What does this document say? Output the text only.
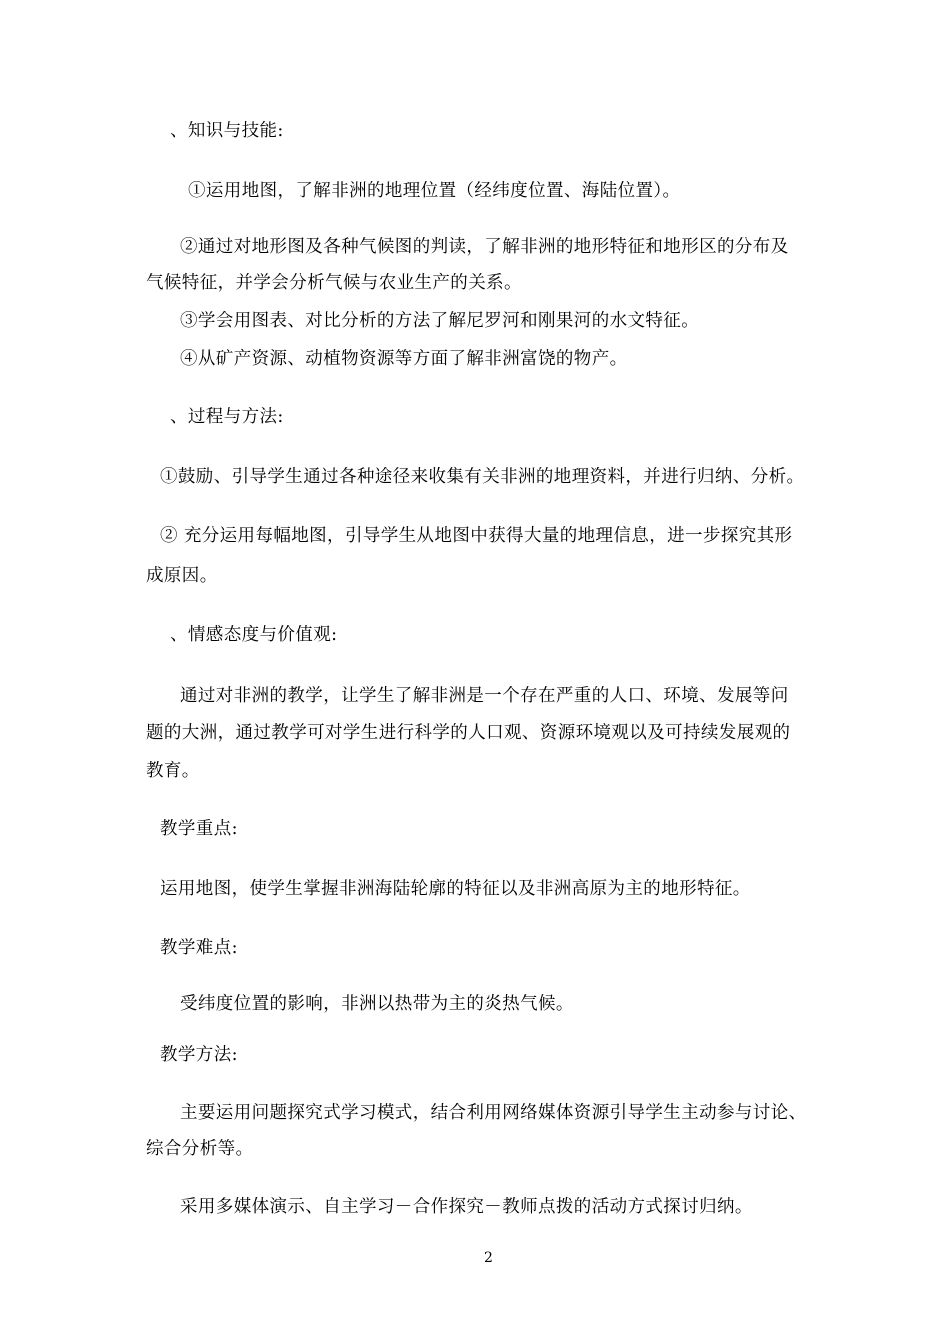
、知识与技能:
①运用地图，了解非洲的地理位置（经纬度位置、海陆位置）。
②通过对地形图及各种气候图的判读，了解非洲的地形特征和地形区的分布及
气候特征，并学会分析气候与农业生产的关系。
③学会用图表、对比分析的方法了解尼罗河和刚果河的水文特征。
④从矿产资源、动植物资源等方面了解非洲富饶的物产。
、过程与方法:
①鼓励、引导学生通过各种途径来收集有关非洲的地理资料，并进行归纳、分析。
② 充分运用每幅地图，引导学生从地图中获得大量的地理信息，进一步探究其形
成原因。
、情感态度与价值观:
通过对非洲的教学，让学生了解非洲是一个存在严重的人口、环境、发展等问
题的大洲，通过教学可对学生进行科学的人口观、资源环境观以及可持续发展观的
教育。
教学重点:
运用地图，使学生掌握非洲海陆轮廓的特征以及非洲高原为主的地形特征。
教学难点:
受纬度位置的影响，非洲以热带为主的炎热气候。
教学方法:
主要运用问题探究式学习模式，结合利用网络媒体资源引导学生主动参与讨论、
综合分析等。
采用多媒体演示、自主学习－合作探究－教师点拨的活动方式探讨归纳。
2
